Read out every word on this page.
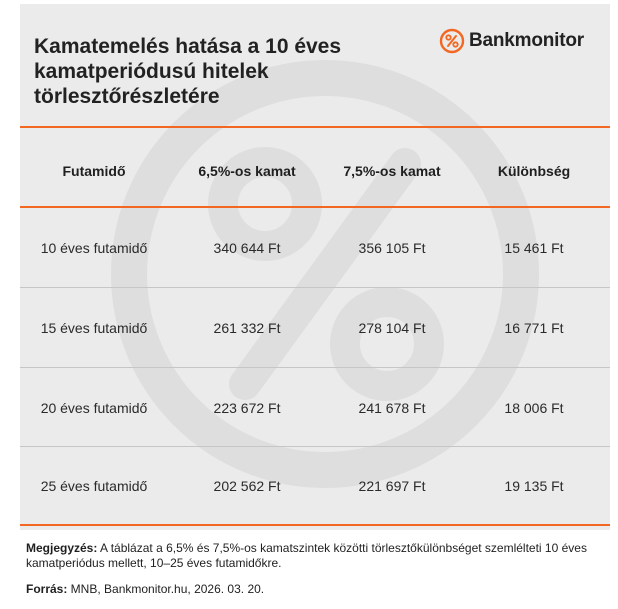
Kamatemelés hatása a 10 éves kamatperiódusú hitelek törlesztőrészletére
Bankmonitor
Futamidő	6,5%-os kamat	7,5%-os kamat	Különbség
10 éves futamidő	340 644 Ft	356 105 Ft	15 461 Ft
15 éves futamidő	261 332 Ft	278 104 Ft	16 771 Ft
20 éves futamidő	223 672 Ft	241 678 Ft	18 006 Ft
25 éves futamidő	202 562 Ft	221 697 Ft	19 135 Ft

Megjegyzés: A táblázat a 6,5% és 7,5%-os kamatszintek közötti törlesztőkülönbséget szemlélteti 10 éves kamatperiódus mellett, 10–25 éves futamidőkre.

Forrás: MNB, Bankmonitor.hu, 2026. 03. 20.
